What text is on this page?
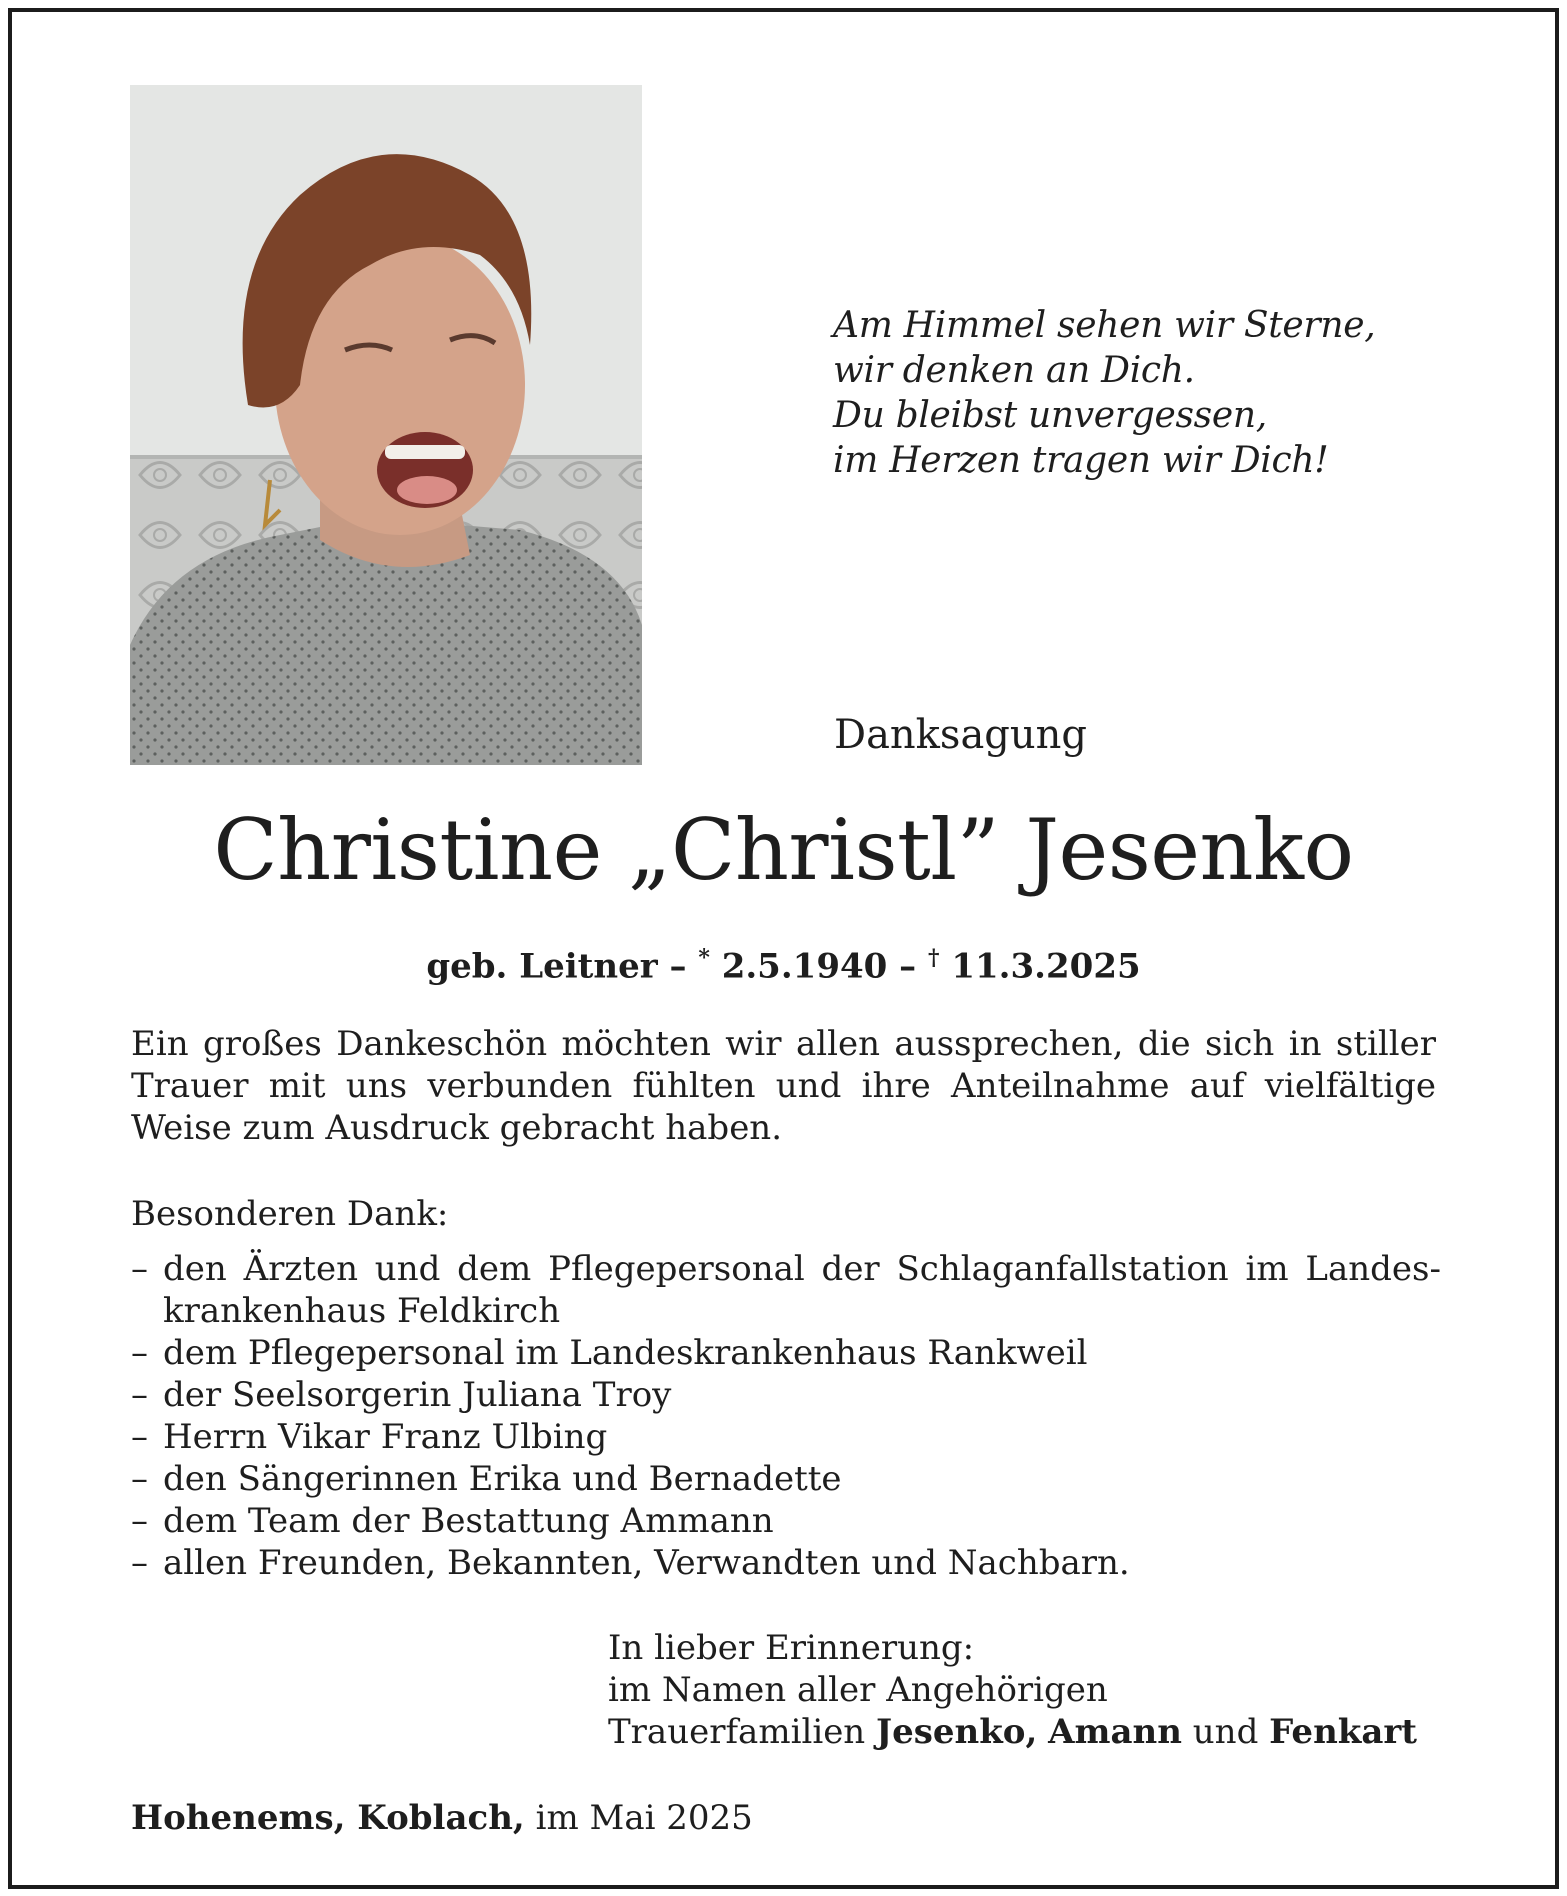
Am Himmel sehen wir Sterne,
wir denken an Dich.
Du bleibst unvergessen,
im Herzen tragen wir Dich!
Danksagung
Christine „Christl” Jesenko
geb. Leitner – * 2.5.1940 – † 11.3.2025
Ein großes Dankeschön möchten wir allen aussprechen, die sich in stiller Trauer mit uns verbunden fühlten und ihre Anteilnahme auf vielfältige Weise zum Ausdruck gebracht haben.
Besonderen Dank:
– den Ärzten und dem Pflegepersonal der Schlaganfallstation im Landeskrankenhaus Feldkirch
– dem Pflegepersonal im Landeskrankenhaus Rankweil
– der Seelsorgerin Juliana Troy
– Herrn Vikar Franz Ulbing
– den Sängerinnen Erika und Bernadette
– dem Team der Bestattung Ammann
– allen Freunden, Bekannten, Verwandten und Nachbarn.
In lieber Erinnerung:
im Namen aller Angehörigen
Trauerfamilien Jesenko, Amann und Fenkart
Hohenems, Koblach, im Mai 2025
